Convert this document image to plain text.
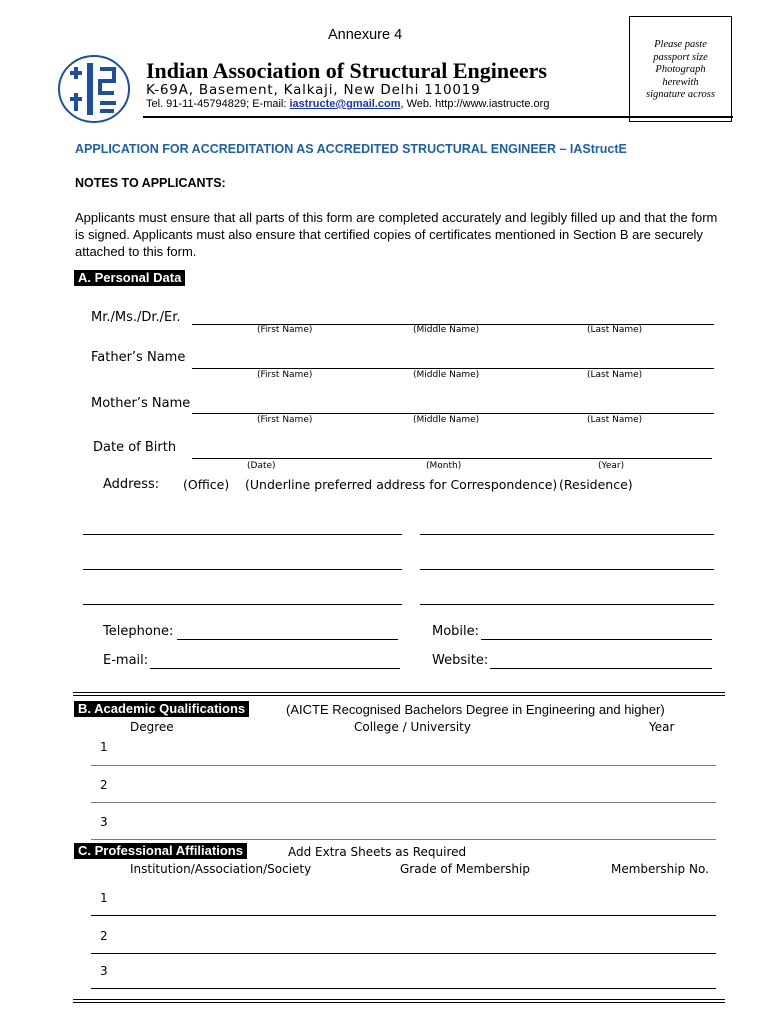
Annexure 4
Indian Association of Structural Engineers
K-69A, Basement, Kalkaji, New Delhi 110019
Tel. 91-11-45794829; E-mail: iastructe@gmail.com, Web. http://www.iastructe.org
Please paste
passport size
Photograph
herewith
signature across
APPLICATION FOR ACCREDITATION AS ACCREDITED STRUCTURAL ENGINEER – IAStructE
NOTES TO APPLICANTS:
Applicants must ensure that all parts of this form are completed accurately and legibly filled up and that the form is signed. Applicants must also ensure that certified copies of certificates mentioned in Section B are securely attached to this form.
A. Personal Data
Mr./Ms./Dr./Er.
(First Name)	(Middle Name)	(Last Name)
Father’s Name
(First Name)	(Middle Name)	(Last Name)
Mother’s Name
(First Name)	(Middle Name)	(Last Name)
Date of Birth
(Date)	(Month)	(Year)
Address: (Office) (Underline preferred address for Correspondence) (Residence)
Telephone:	Mobile:
E-mail:	Website:
B. Academic Qualifications	(AICTE Recognised Bachelors Degree in Engineering and higher)
Degree	College / University	Year
1
2
3
C. Professional Affiliations	Add Extra Sheets as Required
Institution/Association/Society	Grade of Membership	Membership No.
1
2
3
